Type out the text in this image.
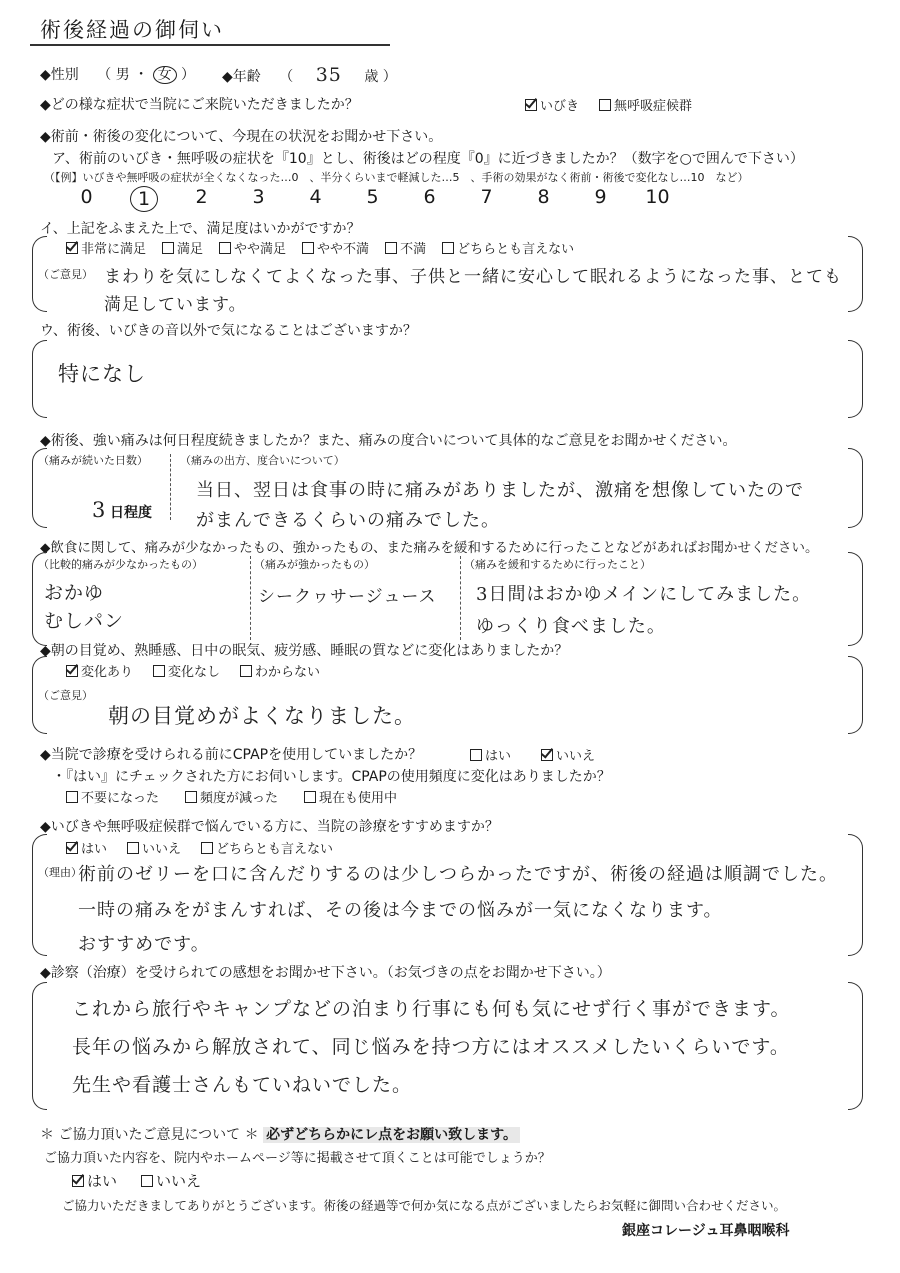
術後経過の御伺い
◆性別 （ 男 ・ 女 ） ◆年齢 （ 35 歳 ）
◆どの様な症状で当院にご来院いただきましたか？	いびき	無呼吸症候群
◆術前・術後の変化について、今現在の状況をお聞かせ下さい。
ア、術前のいびき・無呼吸の症状を『10』とし、術後はどの程度『0』に近づきましたか？（数字を○で囲んで下さい）
（【例】いびきや無呼吸の症状が全くなくなった…0　、半分くらいまで軽減した…5　、手術の効果がなく術前・術後で変化なし…10　など）
0	1	2	3	4	5	6	7	8	9	10
イ、上記をふまえた上で、満足度はいかがですか？
非常に満足 満足 やや満足 やや不満 不満 どちらとも言えない
（ご意見） まわりを気にしなくてよくなった事、子供と一緒に安心して眠れるようになった事、とても
満足しています。
ウ、術後、いびきの音以外で気になることはございますか？
特になし
◆術後、強い痛みは何日程度続きましたか？また、痛みの度合いについて具体的なご意見をお聞かせください。
（痛みが続いた日数）
3 日程度
（痛みの出方、度合いについて）
当日、翌日は食事の時に痛みがありましたが、激痛を想像していたので
がまんできるくらいの痛みでした。
◆飲食に関して、痛みが少なかったもの、強かったもの、また痛みを緩和するために行ったことなどがあればお聞かせください。
（比較的痛みが少なかったもの）
おかゆ
むしパン
（痛みが強かったもの）
シークヮサージュース
（痛みを緩和するために行ったこと）
3日間はおかゆメインにしてみました。
ゆっくり食べました。
◆朝の目覚め、熟睡感、日中の眠気、疲労感、睡眠の質などに変化はありましたか？
変化あり	変化なし	わからない
（ご意見）
朝の目覚めがよくなりました。
◆当院で診療を受けられる前にCPAPを使用していましたか？	はい	いいえ
・『はい』にチェックされた方にお伺いします。CPAPの使用頻度に変化はありましたか？
不要になった	頻度が減った	現在も使用中
◆いびきや無呼吸症候群で悩んでいる方に、当院の診療をすすめますか？
はい	いいえ	どちらとも言えない
（理由）
術前のゼリーを口に含んだりするのは少しつらかったですが、術後の経過は順調でした。
一時の痛みをがまんすれば、その後は今までの悩みが一気になくなります。
おすすめです。
◆診察（治療）を受けられての感想をお聞かせ下さい。（お気づきの点をお聞かせ下さい。）
これから旅行やキャンプなどの泊まり行事にも何も気にせず行く事ができます。
長年の悩みから解放されて、同じ悩みを持つ方にはオススメしたいくらいです。
先生や看護士さんもていねいでした。
＊ ご協力頂いたご意見について ＊ 必ずどちらかにレ点をお願い致します。
ご協力頂いた内容を、院内やホームページ等に掲載させて頂くことは可能でしょうか？
はい	いいえ
ご協力いただきましてありがとうございます。術後の経過等で何か気になる点がございましたらお気軽に御問い合わせください。
銀座コレージュ耳鼻咽喉科
